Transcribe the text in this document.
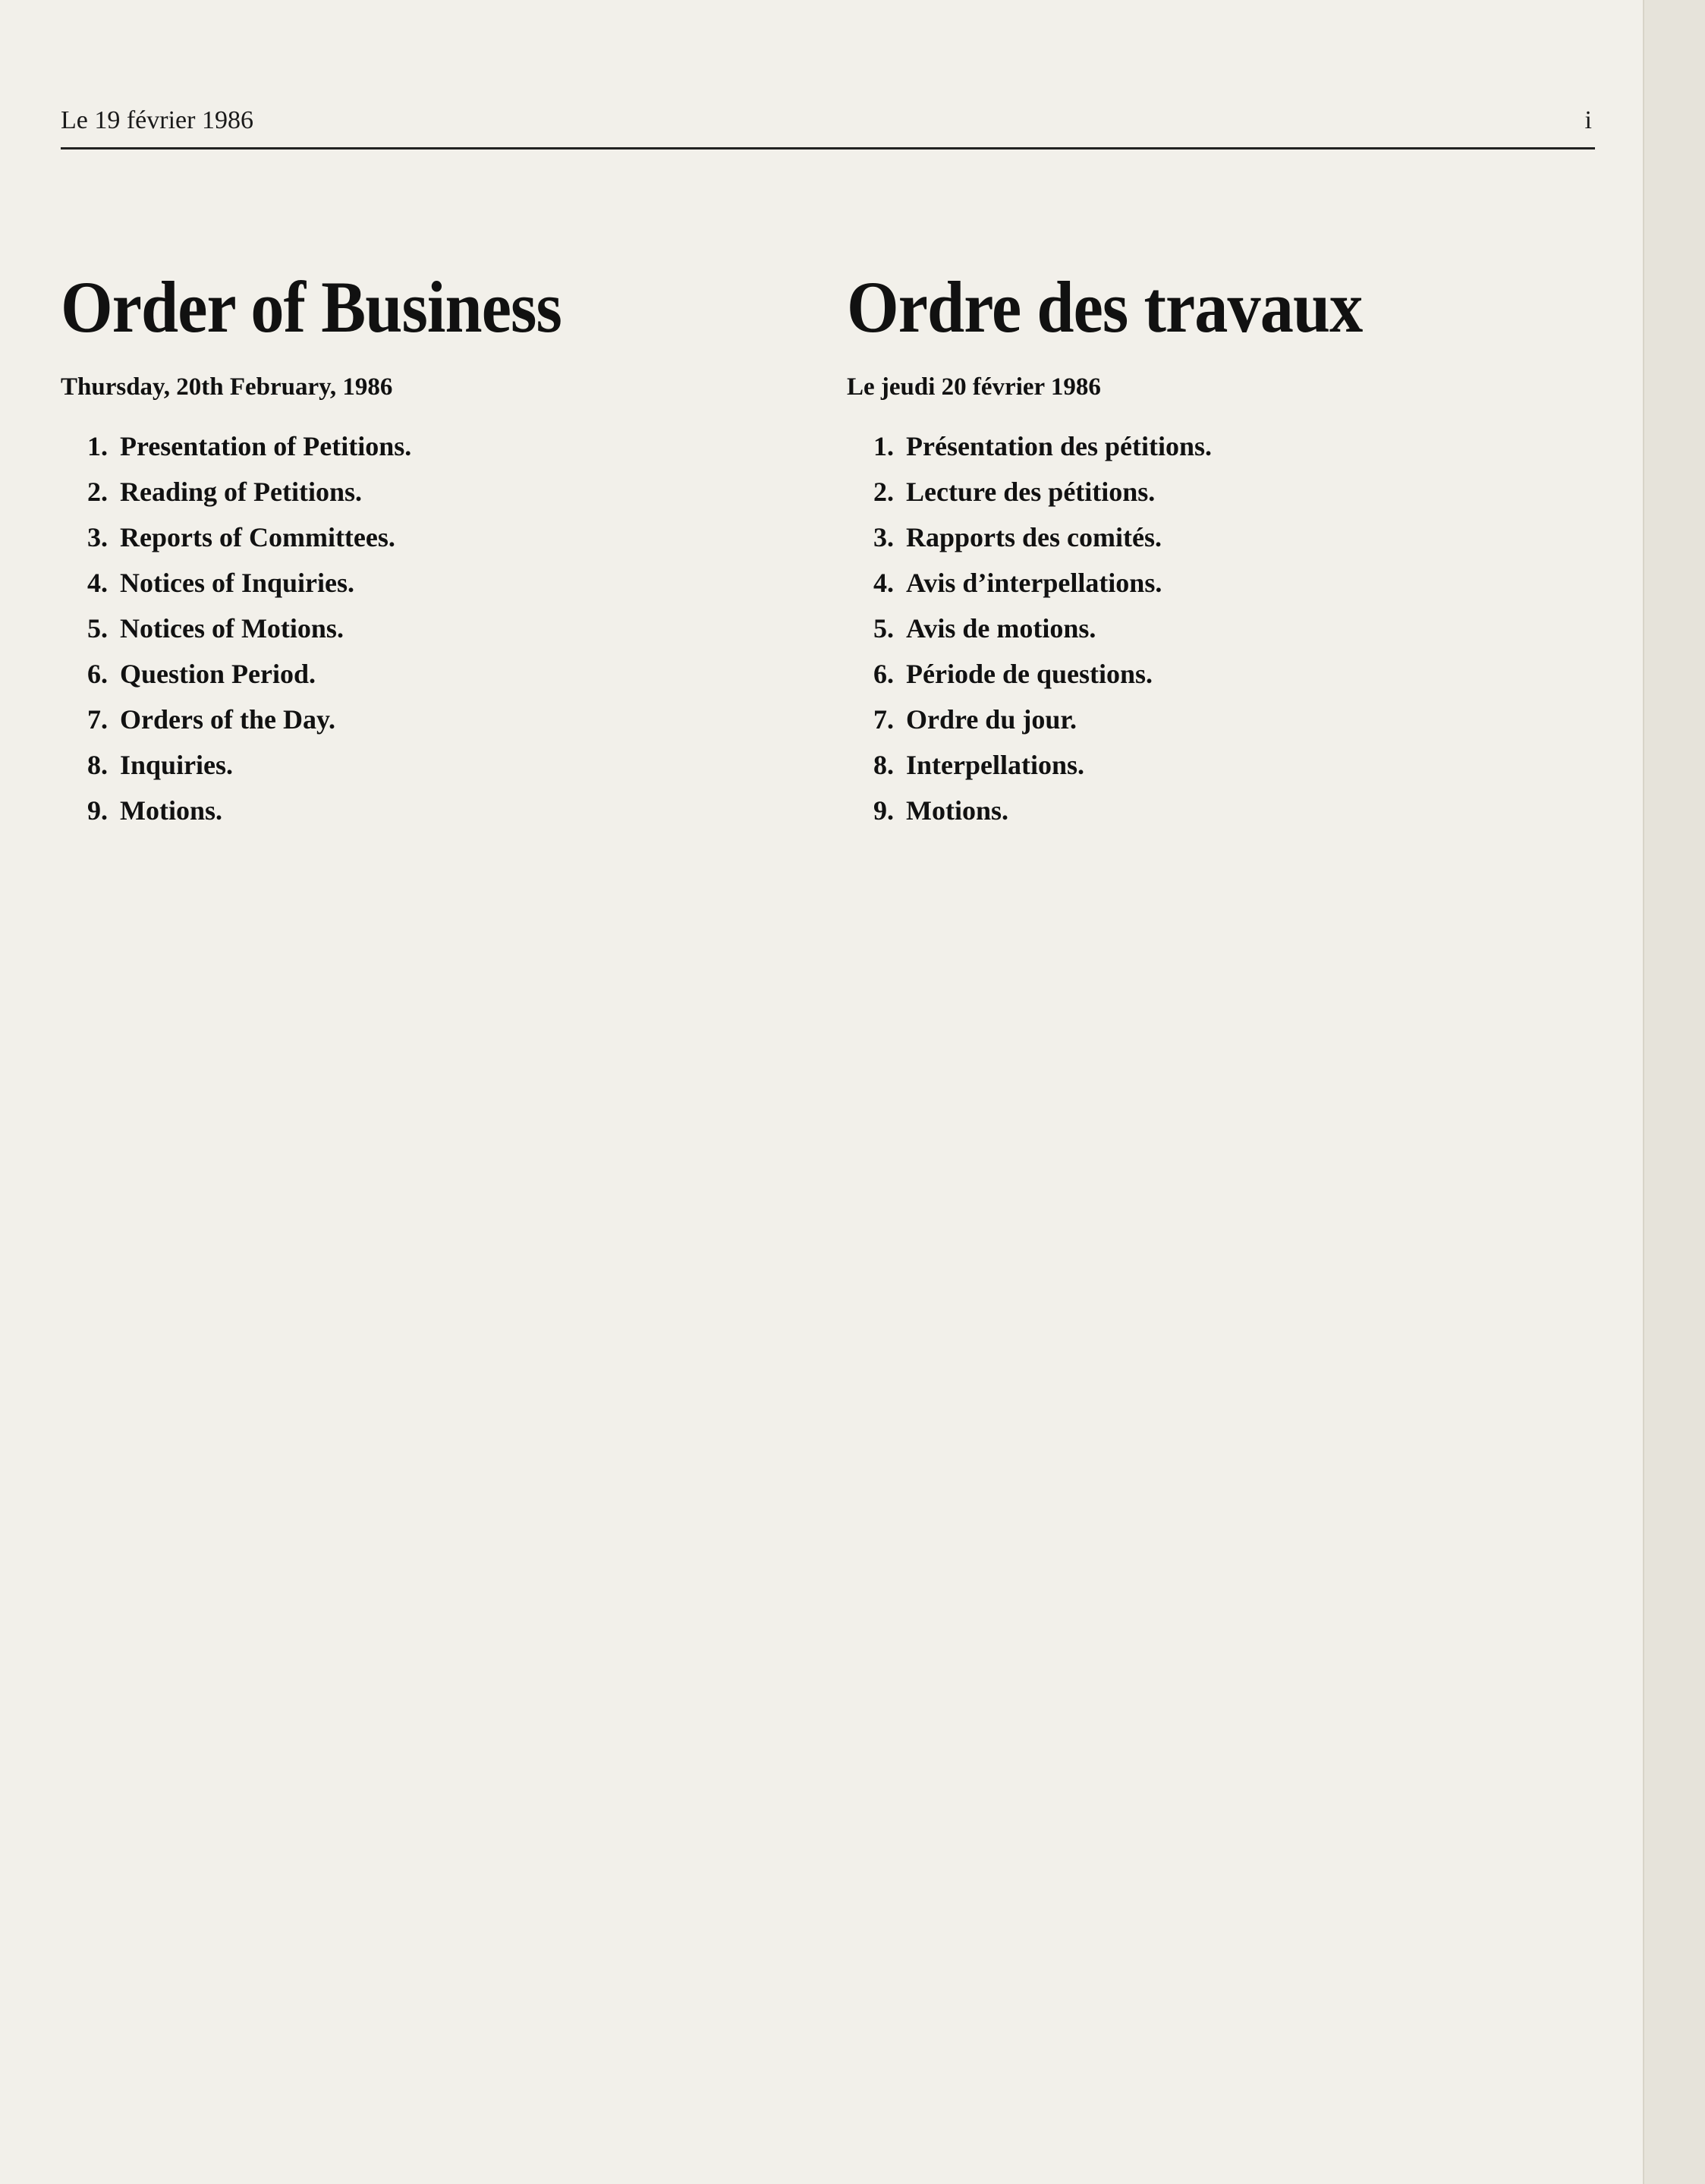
Le 19 février 1986	i
Order of Business
Thursday, 20th February, 1986
1. Presentation of Petitions.
2. Reading of Petitions.
3. Reports of Committees.
4. Notices of Inquiries.
5. Notices of Motions.
6. Question Period.
7. Orders of the Day.
8. Inquiries.
9. Motions.
Ordre des travaux
Le jeudi 20 février 1986
1. Présentation des pétitions.
2. Lecture des pétitions.
3. Rapports des comités.
4. Avis d’interpellations.
5. Avis de motions.
6. Période de questions.
7. Ordre du jour.
8. Interpellations.
9. Motions.
